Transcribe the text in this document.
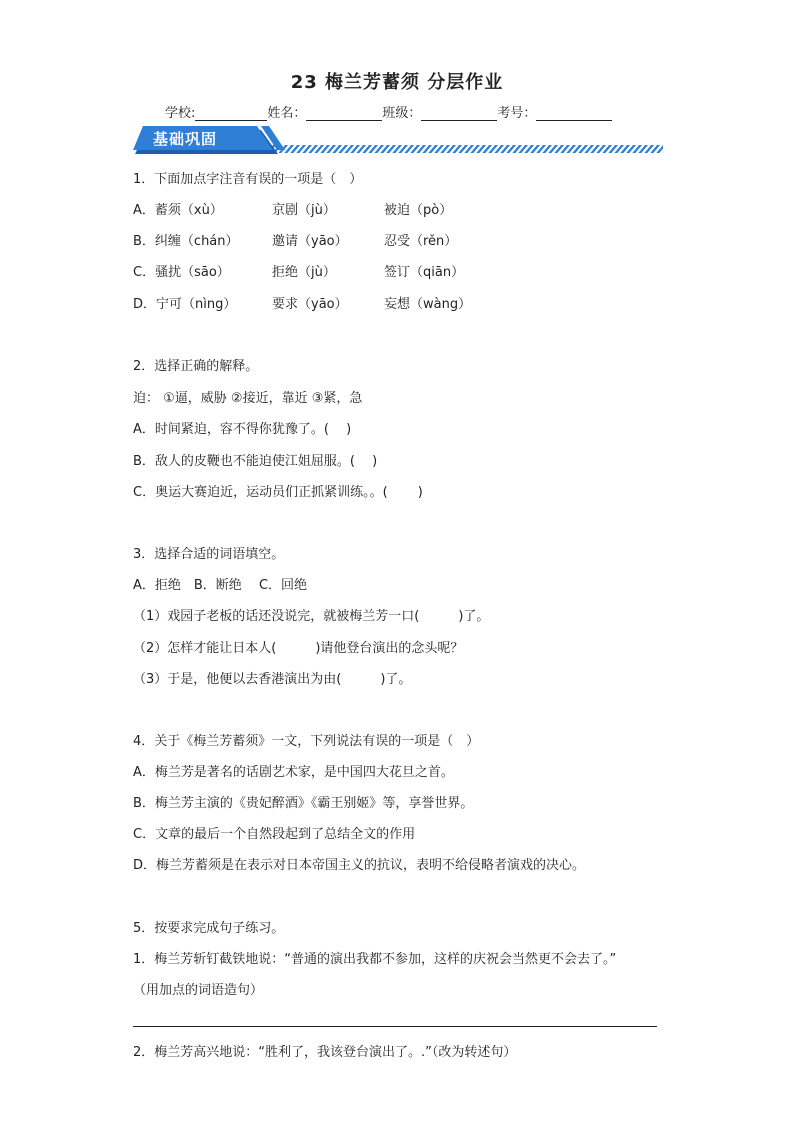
23 梅兰芳蓄须 分层作业
学校:	姓名：	班级：	考号：
基础巩固
1．下面加点字注音有误的一项是（　）
A．蓄须（xù）	京剧（jù）	被迫（pò）
B．纠缠（chán）	邀请（yāo）	忍受（rěn）
C．骚扰（sāo）	拒绝（jù）	签订（qiān）
D．宁可（nìng）	要求（yāo）	妄想（wàng）
2．选择正确的解释。
迫： ①逼，威胁 ②接近，靠近 ③紧，急
A．时间紧迫，容不得你犹豫了。(　 )
B．敌人的皮鞭也不能迫使江姐屈服。(　 )
C．奥运大赛迫近，运动员们正抓紧训练。。(　　 )
3．选择合适的词语填空。
A．拒绝　B．断绝　 C．回绝
（1）戏园子老板的话还没说完，就被梅兰芳一口(　　　)了。
（2）怎样才能让日本人(　　　)请他登台演出的念头呢？
（3）于是，他便以去香港演出为由(　　　)了。
4．关于《梅兰芳蓄须》一文，下列说法有误的一项是（　）
A．梅兰芳是著名的话剧艺术家，是中国四大花旦之首。
B．梅兰芳主演的《贵妃醉酒》《霸王别姬》等，享誉世界。
C．文章的最后一个自然段起到了总结全文的作用
D．梅兰芳蓄须是在表示对日本帝国主义的抗议，表明不给侵略者演戏的决心。
5．按要求完成句子练习。
1．梅兰芳斩钉截铁地说：“普通的演出我都不参加，这样的庆祝会当然更不会去了。”
（用加点的词语造句）
2．梅兰芳高兴地说：“胜利了，我该登台演出了。.”（改为转述句）
